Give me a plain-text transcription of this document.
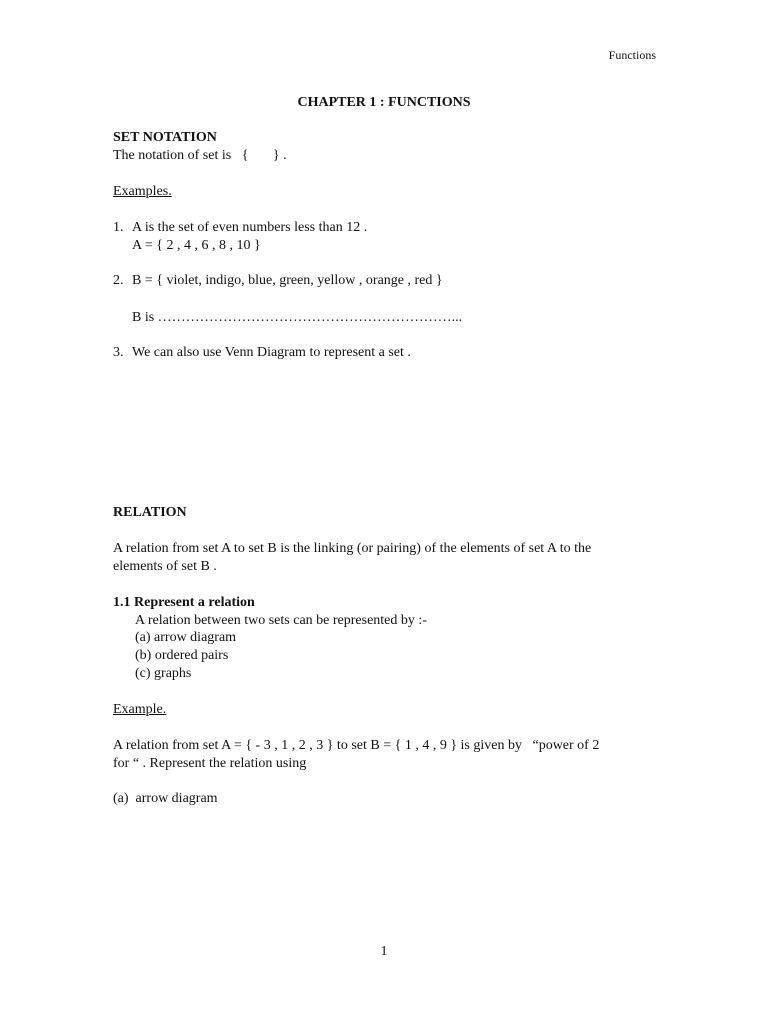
Functions
CHAPTER 1 : FUNCTIONS
SET NOTATION
The notation of set is   {       } .
Examples.
1. A is the set of even numbers less than 12 .
A = { 2 , 4 , 6 , 8 , 10 }
2. B = { violet, indigo, blue, green, yellow , orange , red }
B is ………………………………………………………...
3. We can also use Venn Diagram to represent a set .
RELATION
A relation from set A to set B is the linking (or pairing) of the elements of set A to the
elements of set B .
1.1 Represent a relation
A relation between two sets can be represented by :-
(a) arrow diagram
(b) ordered pairs
(c) graphs
Example.
A relation from set A = { - 3 , 1 , 2 , 3 } to set B = { 1 , 4 , 9 } is given by   “power of 2
for “ . Represent the relation using
(a)  arrow diagram
1
